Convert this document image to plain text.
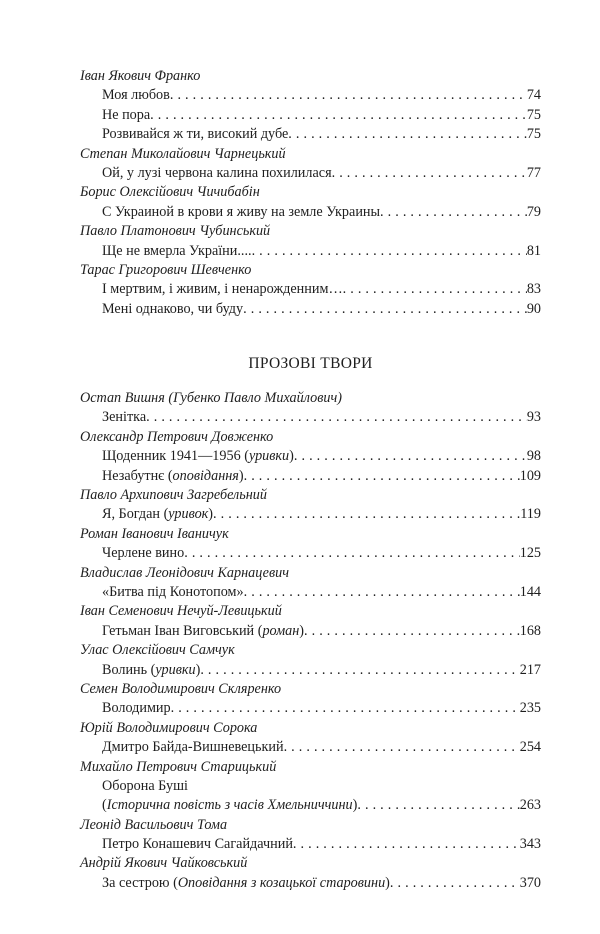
Іван Якович Франко
Моя любов . . .	74
Не пора . . .	75
Розвивайся ж ти, високий дубе . . .	75
Степан Миколайович Чарнецький
Ой, у лузі червона калина похилилася . . .	77
Борис Олексійович Чичибабін
С Украиной в крови я живу на земле Украины . . .	79
Павло Платонович Чубинський
Ще не вмерла України.... . . .	81
Тарас Григорович Шевченко
І мертвим, і живим, і ненарожденним… . . .	83
Мені однаково, чи буду . . .	90
ПРОЗОВІ ТВОРИ
Остап Вишня (Губенко Павло Михайлович)
Зенітка . . .	93
Олександр Петрович Довженко
Щоденник 1941—1956 (уривки) . . .	98
Незабутнє (оповідання) . . .	109
Павло Архипович Загребельний
Я, Богдан (уривок) . . .	119
Роман Іванович Іваничук
Черлене вино . . .	125
Владислав Леонідович Карнацевич
«Битва під Конотопом» . . .	144
Іван Семенович Нечуй-Левицький
Гетьман Іван Виговський (роман) . . .	168
Улас Олексійович Самчук
Волинь (уривки) . . .	217
Семен Володимирович Скляренко
Володимир . . .	235
Юрій Володимирович Сорока
Дмитро Байда-Вишневецький . . .	254
Михайло Петрович Старицький
Оборона Буші
(Історична повість з часів Хмельниччини) . . .	263
Леонід Васильович Тома
Петро Конашевич Сагайдачний . . .	343
Андрій Якович Чайковський
За сестрою (Оповідання з козацької старовини) . . .	370
